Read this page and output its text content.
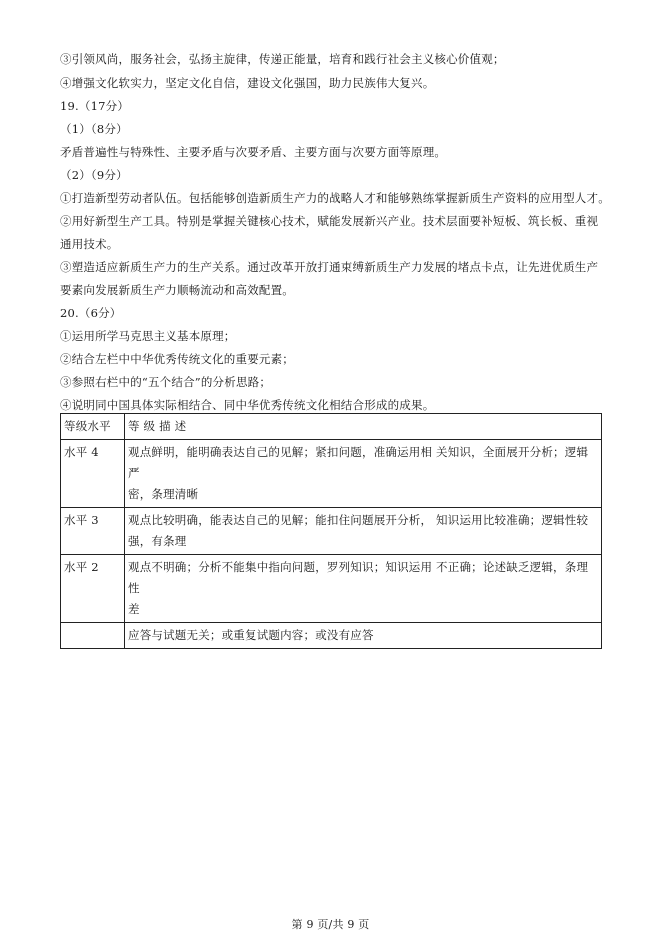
③引领风尚，服务社会，弘扬主旋律，传递正能量，培育和践行社会主义核心价值观；
④增强文化软实力，坚定文化自信，建设文化强国，助力民族伟大复兴。
19.（17分）
（1）（8分）
矛盾普遍性与特殊性、主要矛盾与次要矛盾、主要方面与次要方面等原理。
（2）（9分）
①打造新型劳动者队伍。包括能够创造新质生产力的战略人才和能够熟练掌握新质生产资料的应用型人才。
②用好新型生产工具。特别是掌握关键核心技术，赋能发展新兴产业。技术层面要补短板、筑长板、重视
通用技术。
③塑造适应新质生产力的生产关系。通过改革开放打通束缚新质生产力发展的堵点卡点，让先进优质生产
要素向发展新质生产力顺畅流动和高效配置。
20.（6分）
①运用所学马克思主义基本原理；
②结合左栏中中华优秀传统文化的重要元素；
③参照右栏中的“五个结合”的分析思路；
④说明同中国具体实际相结合、同中华优秀传统文化相结合形成的成果。
等级水平	等 级 描 述
水平 4	观点鲜明，能明确表达自己的见解；紧扣问题，准确运用相 关知识，全面展开分析；逻辑严
密，条理清晰

水平 3	观点比较明确，能表达自己的见解；能扣住问题展开分析， 知识运用比较准确；逻辑性较
强，有条理

水平 2	观点不明确；分析不能集中指向问题，罗列知识；知识运用 不正确；论述缺乏逻辑，条理性
差

	应答与试题无关；或重复试题内容；或没有应答
第 9 页/共 9 页
